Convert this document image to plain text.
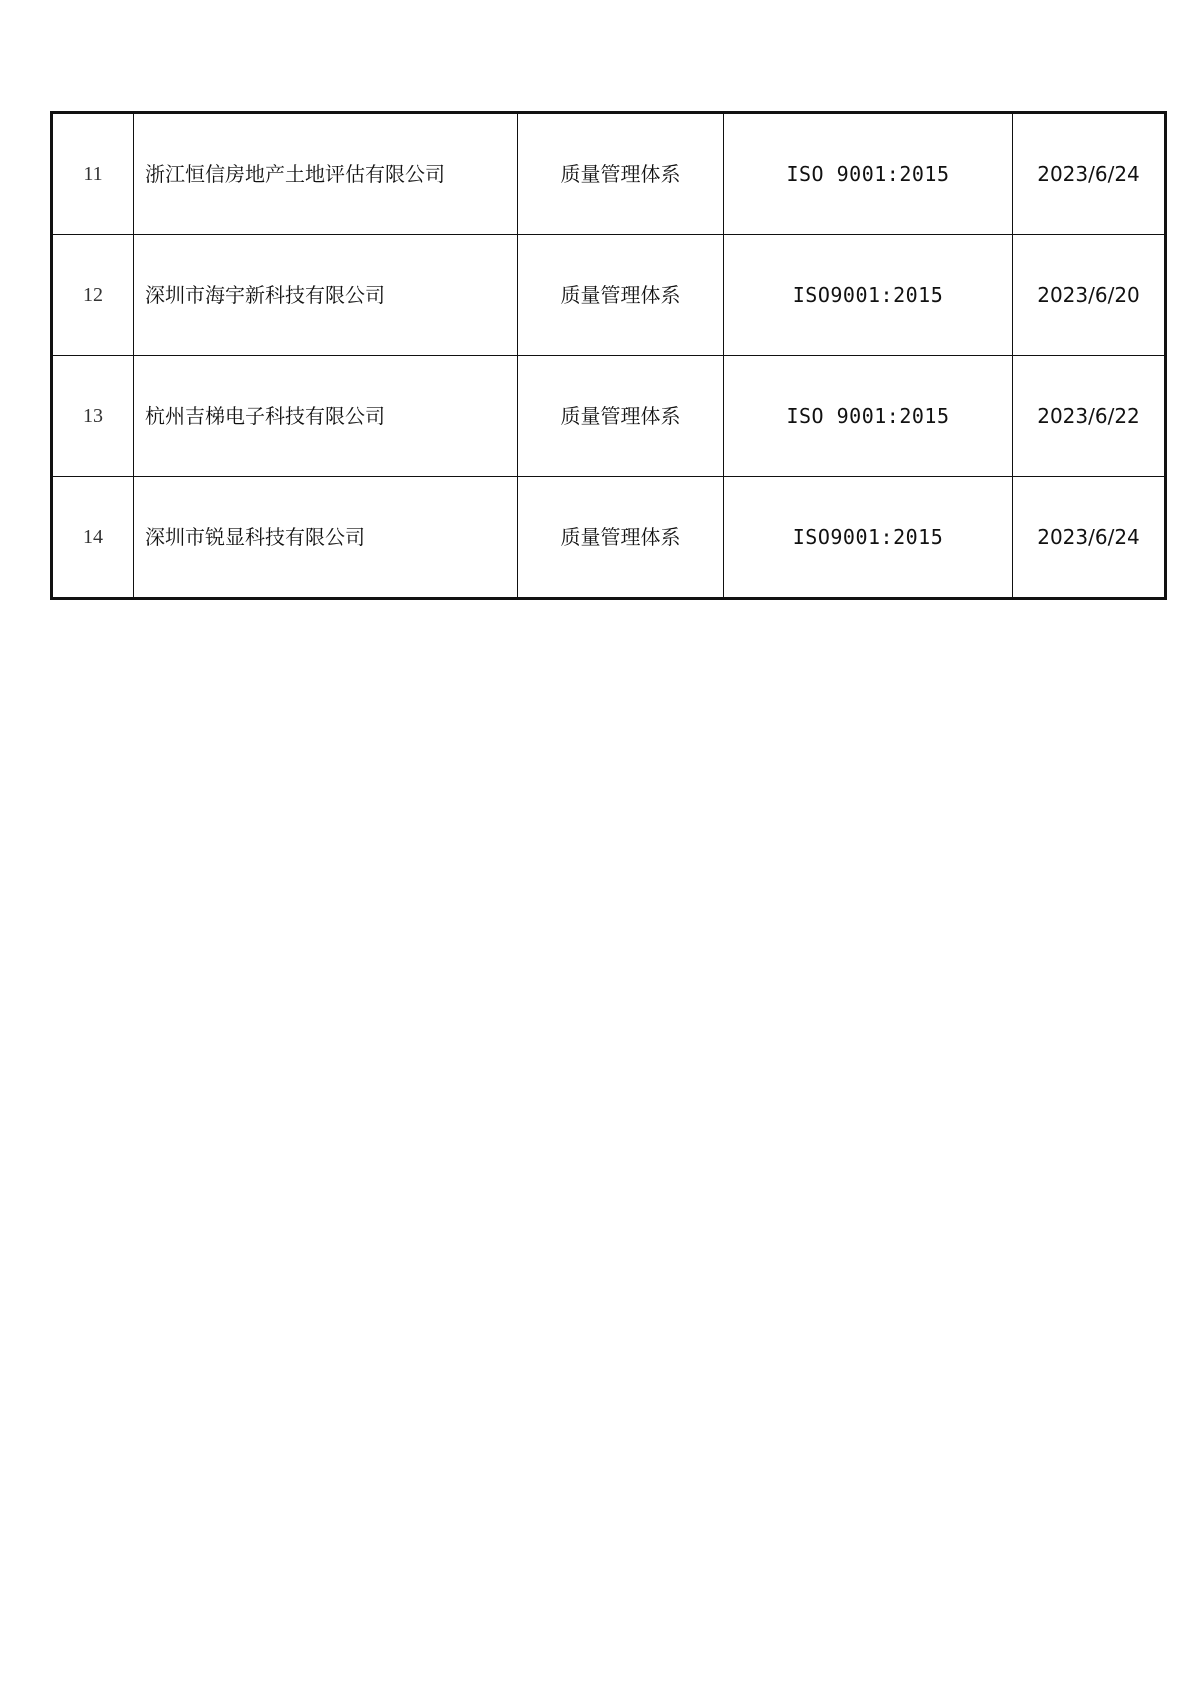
11	浙江恒信房地产土地评估有限公司	质量管理体系	ISO 9001:2015	2023/6/24
12	深圳市海宇新科技有限公司	质量管理体系	ISO9001:2015	2023/6/20
13	杭州吉梯电子科技有限公司	质量管理体系	ISO 9001:2015	2023/6/22
14	深圳市锐显科技有限公司	质量管理体系	ISO9001:2015	2023/6/24
